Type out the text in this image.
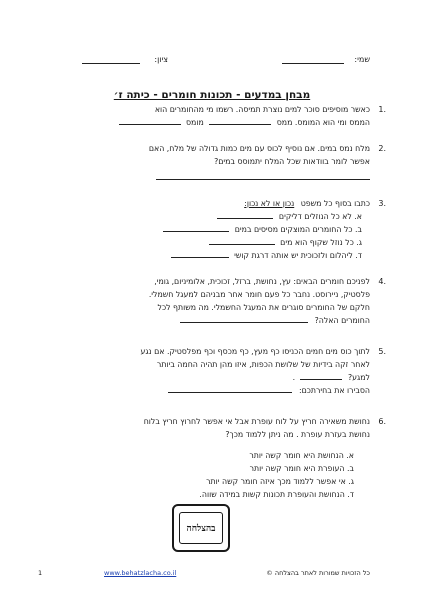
שמי:
ציון:
מבחן במדעים - תכונות חומרים - כיתה ז׳
.1
כאשר מוסיפים סוכר למים נוצרת תמיסה. רשמו מי מהחומרים הוא
הממס ומי הוא המומס. ממס  מומס
.2
מלח נמס במים. אם נוסיף לכוס עם מים כמות גדולה של מלח, האם
אפשר לומר בוודאות שכל המלח יתמוסס במים?
.3
כתבו בסוף כל משפט נכון או לא נכון:
א. לא כל הנוזלים דליקים
ב. כל החומרים המוצקים מסיסים במים
ג. כל נוזל שקוף הוא מים
ד. ליהלום ולזכוכית יש אותה דרגת קושי
.4
לפניכם חומרים הבאים: עץ, נחושת, ברזל, זכוכית, אלומיניום, גומי,
פלסטיק, ניירוסט. נחבר כל פעם חומר אחר מבניהם למעגל חשמלי.
חלקם של החומרים סוגרים את המעגל החשמלי. מה משותף לכל
החומרים האלה?
.5
לתוך כוס מים חמים הכניסו כף מעץ, כף מכסף וכף מפלסטיק. אם נגע
לאחר זקה בידיות של שלושת הכפות, איזו מהן תהיה החמה ביותר
למגע?  .
הסבירו את בחירתכם:
.6
נחושת משאירה חריץ על לוח עופרת אבל אי אפשר לחרוץ חריץ בלוח
נחושת בעזרת עופרת . מה ניתן ללמוד מכך?
א. הנחושת היא חומר קשה יותר
ב. העופרת היא חומר קשה יותר
ג. אי אפשר ללמוד מכך איזה חומר קשה יותר
ד. הנחושת והעופרת תכונות קשות במידה שווה.
בהצלחה
כל הזכויות שמורות לאתר בהצלחה ©
www.behatzlacha.co.il
1
